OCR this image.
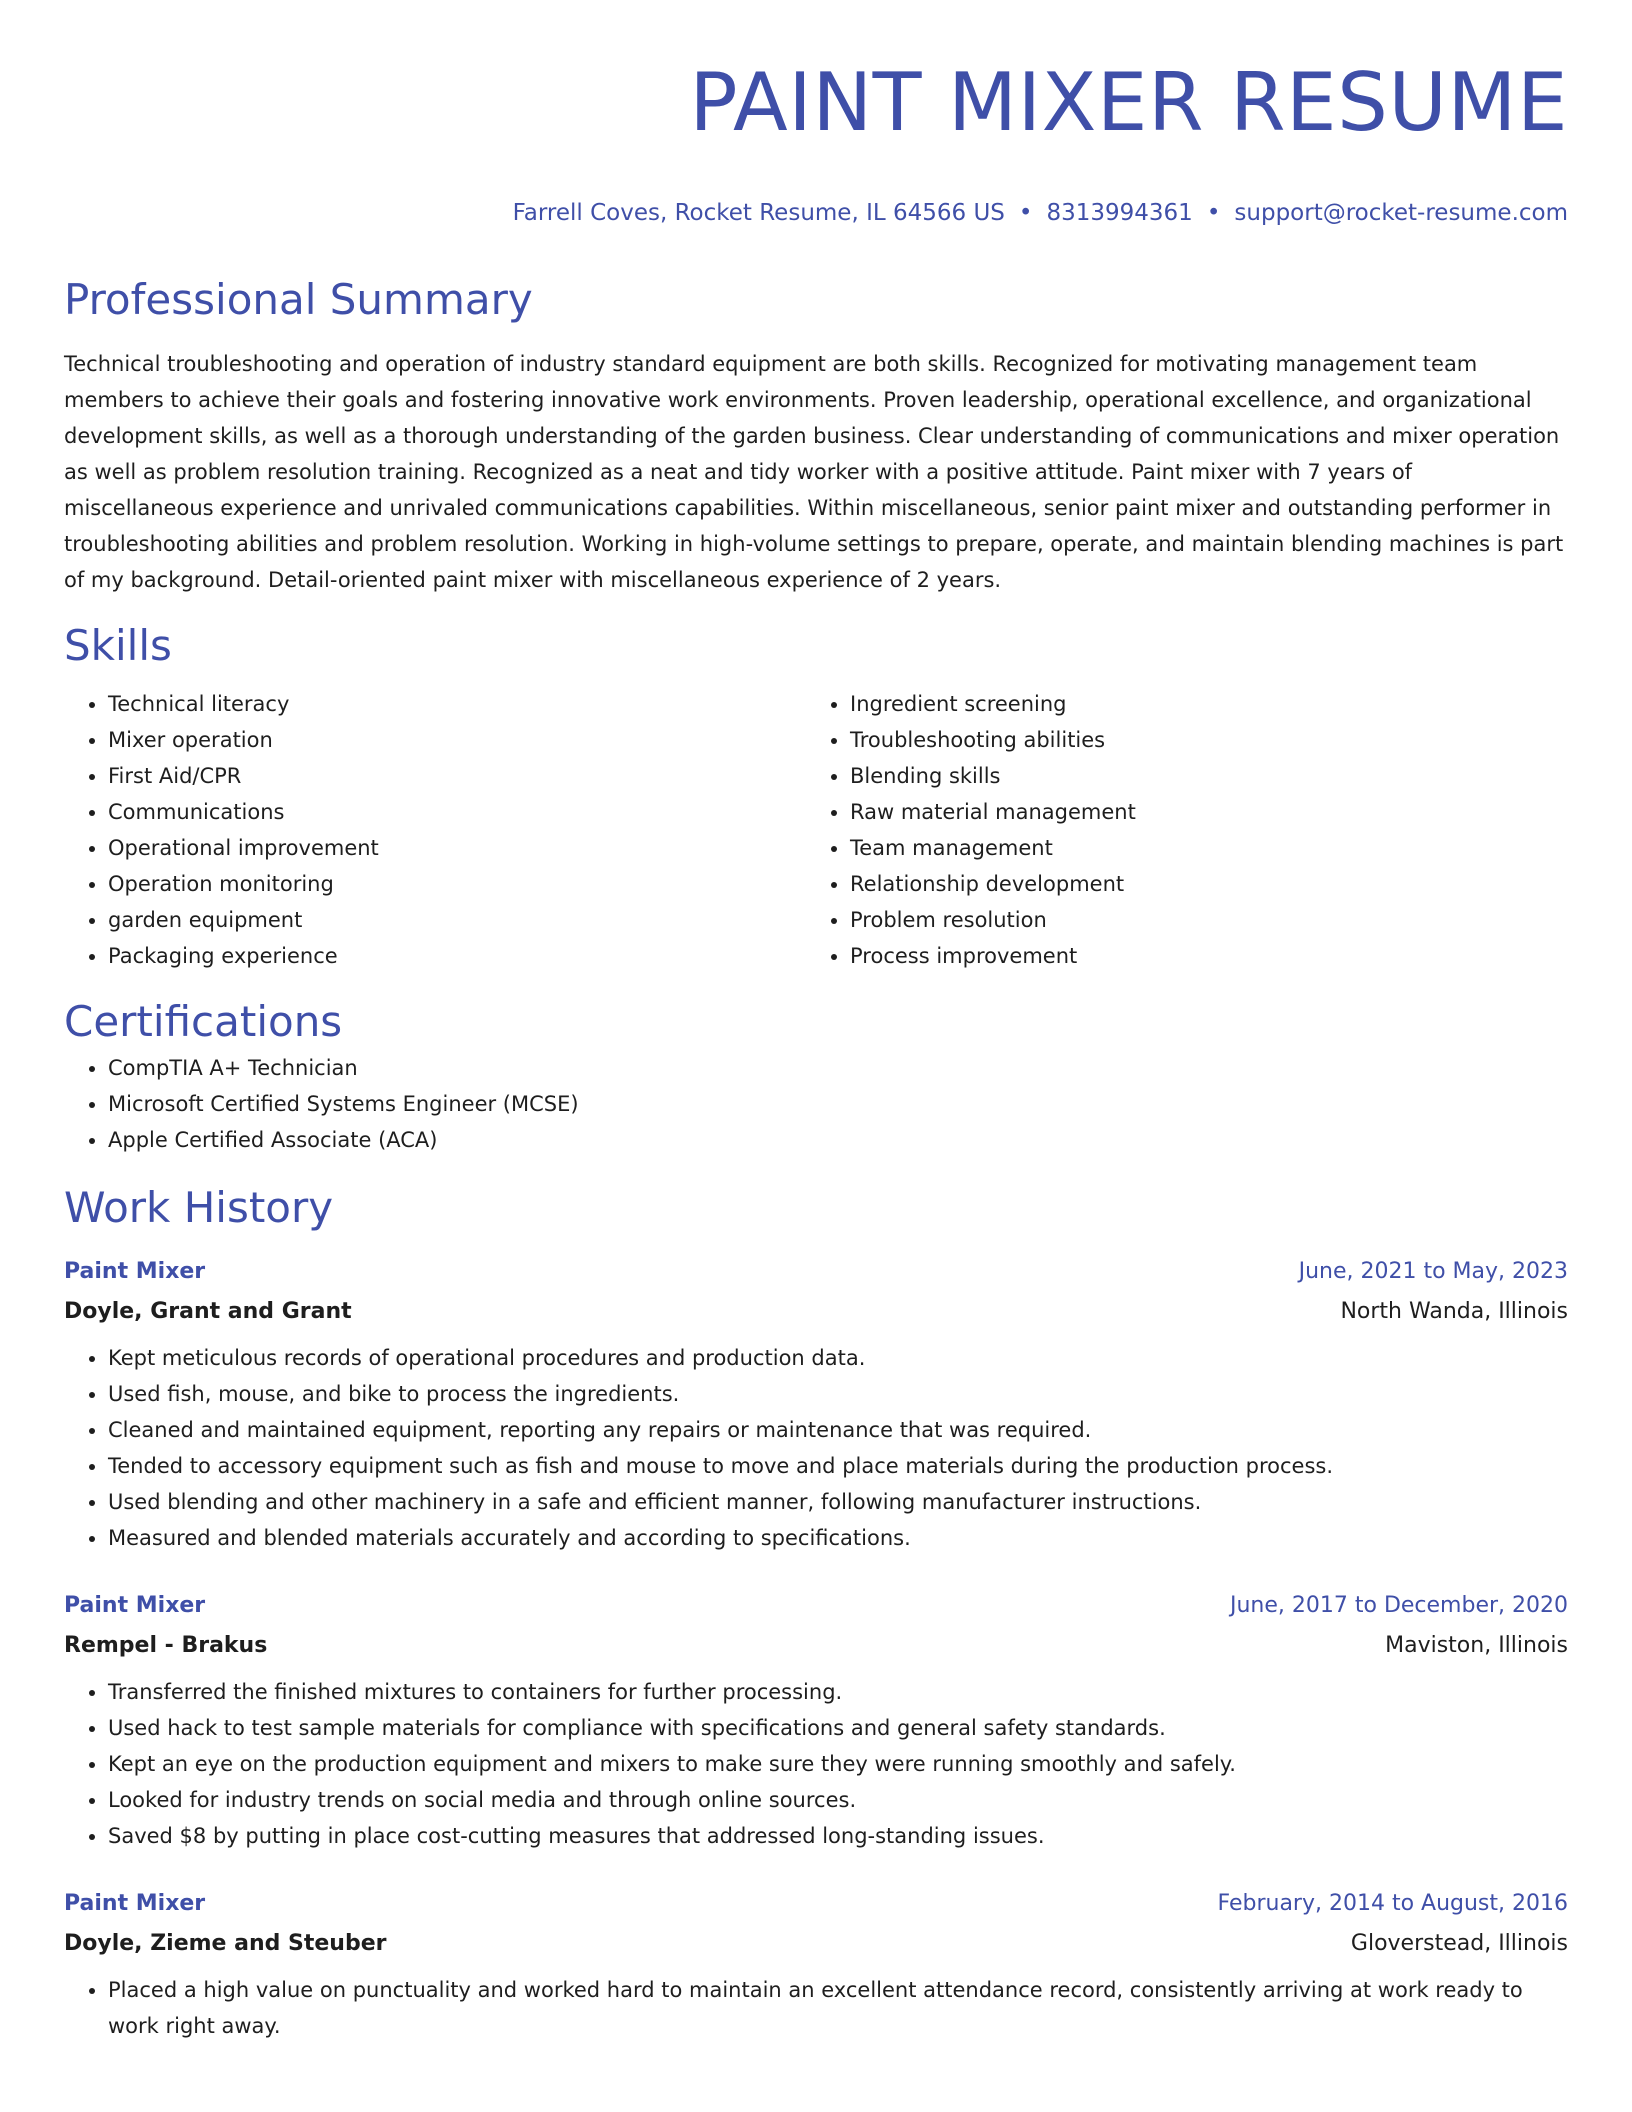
PAINT MIXER RESUME
Farrell Coves, Rocket Resume, IL 64566 US • 8313994361 • support@rocket-resume.com
Professional Summary

Technical troubleshooting and operation of industry standard equipment are both skills. Recognized for motivating management team members to achieve their goals and fostering innovative work environments. Proven leadership, operational excellence, and organizational development skills, as well as a thorough understanding of the garden business. Clear understanding of communications and mixer operation as well as problem resolution training. Recognized as a neat and tidy worker with a positive attitude. Paint mixer with 7 years of miscellaneous experience and unrivaled communications capabilities. Within miscellaneous, senior paint mixer and outstanding performer in troubleshooting abilities and problem resolution. Working in high-volume settings to prepare, operate, and maintain blending machines is part of my background. Detail-oriented paint mixer with miscellaneous experience of 2 years.

Skills
• Technical literacy
• Mixer operation
• First Aid/CPR
• Communications
• Operational improvement
• Operation monitoring
• garden equipment
• Packaging experience
• Ingredient screening
• Troubleshooting abilities
• Blending skills
• Raw material management
• Team management
• Relationship development
• Problem resolution
• Process improvement
Certifications
• CompTIA A+ Technician
• Microsoft Certified Systems Engineer (MCSE)
• Apple Certified Associate (ACA)
Work History
Paint Mixer	June, 2021 to May, 2023
Doyle, Grant and Grant	North Wanda, Illinois
• Kept meticulous records of operational procedures and production data.
• Used fish, mouse, and bike to process the ingredients.
• Cleaned and maintained equipment, reporting any repairs or maintenance that was required.
• Tended to accessory equipment such as fish and mouse to move and place materials during the production process.
• Used blending and other machinery in a safe and efficient manner, following manufacturer instructions.
• Measured and blended materials accurately and according to specifications.
Paint Mixer	June, 2017 to December, 2020
Rempel - Brakus	Maviston, Illinois
• Transferred the finished mixtures to containers for further processing.
• Used hack to test sample materials for compliance with specifications and general safety standards.
• Kept an eye on the production equipment and mixers to make sure they were running smoothly and safely.
• Looked for industry trends on social media and through online sources.
• Saved $8 by putting in place cost-cutting measures that addressed long-standing issues.
Paint Mixer	February, 2014 to August, 2016
Doyle, Zieme and Steuber	Gloverstead, Illinois
• Placed a high value on punctuality and worked hard to maintain an excellent attendance record, consistently arriving at work ready to work right away.
